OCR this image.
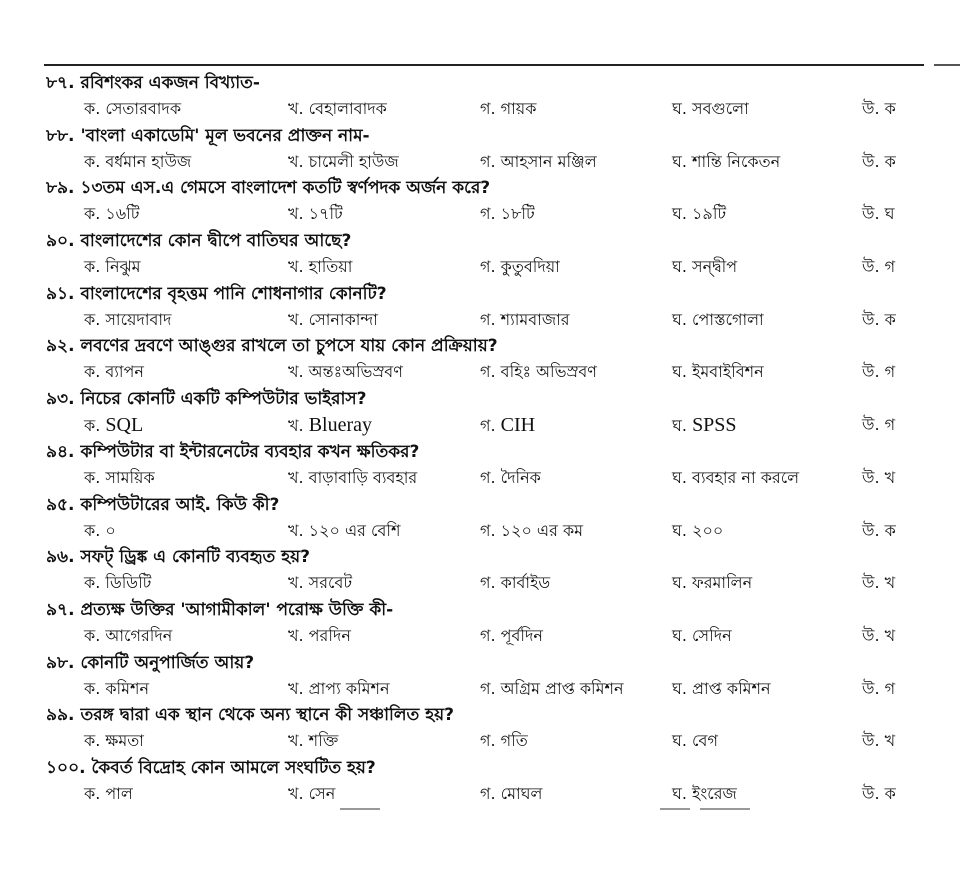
৮৭. রবিশংকর একজন বিখ্যাত-
ক. সেতারবাদক	খ. বেহালাবাদক	গ. গায়ক	ঘ. সবগুলো	উ. ক
৮৮. 'বাংলা একাডেমি' মূল ভবনের প্রাক্তন নাম-
ক. বর্ধমান হাউজ	খ. চামেলী হাউজ	গ. আহসান মঞ্জিল	ঘ. শান্তি নিকেতন	উ. ক
৮৯. ১৩তম এস.এ গেমসে বাংলাদেশ কতটি স্বর্ণপদক অর্জন করে?
ক. ১৬টি	খ. ১৭টি	গ. ১৮টি	ঘ. ১৯টি	উ. ঘ
৯০. বাংলাদেশের কোন দ্বীপে বাতিঘর আছে?
ক. নিঝুম	খ. হাতিয়া	গ. কুতুবদিয়া	ঘ. সন্দ্বীপ	উ. গ
৯১. বাংলাদেশের বৃহত্তম পানি শোধনাগার কোনটি?
ক. সায়েদাবাদ	খ. সোনাকান্দা	গ. শ্যামবাজার	ঘ. পোস্তগোলা	উ. ক
৯২. লবণের দ্রবণে আঙ্গুর রাখলে তা চুপসে যায় কোন প্রক্রিয়ায়?
ক. ব্যাপন	খ. অন্তঃঅভিস্রবণ	গ. বহিঃ অভিস্রবণ	ঘ. ইমবাইবিশন	উ. গ
৯৩. নিচের কোনটি একটি কম্পিউটার ভাইরাস?
ক. SQL	খ. Blueray	গ. CIH	ঘ. SPSS	উ. গ
৯৪. কম্পিউটার বা ইন্টারনেটের ব্যবহার কখন ক্ষতিকর?
ক. সাময়িক	খ. বাড়াবাড়ি ব্যবহার	গ. দৈনিক	ঘ. ব্যবহার না করলে	উ. খ
৯৫. কম্পিউটারের আই. কিউ কী?
ক. ০	খ. ১২০ এর বেশি	গ. ১২০ এর কম	ঘ. ২০০	উ. ক
৯৬. সফট্ ড্রিঙ্ক এ কোনটি ব্যবহৃত হয়?
ক. ডিডিটি	খ. সরবেট	গ. কার্বাইড	ঘ. ফরমালিন	উ. খ
৯৭. প্রত্যক্ষ উক্তির 'আগামীকাল' পরোক্ষ উক্তি কী-
ক. আগেরদিন	খ. পরদিন	গ. পূর্বদিন	ঘ. সেদিন	উ. খ
৯৮. কোনটি অনুপার্জিত আয়?
ক. কমিশন	খ. প্রাপ্য কমিশন	গ. অগ্রিম প্রাপ্ত কমিশন	ঘ. প্রাপ্ত কমিশন	উ. গ
৯৯. তরঙ্গ দ্বারা এক স্থান থেকে অন্য স্থানে কী সঞ্চালিত হয়?
ক. ক্ষমতা	খ. শক্তি	গ. গতি	ঘ. বেগ	উ. খ
১০০. কৈবর্ত বিদ্রোহ কোন আমলে সংঘটিত হয়?
ক. পাল	খ. সেন	গ. মোঘল	ঘ. ইংরেজ	উ. ক
